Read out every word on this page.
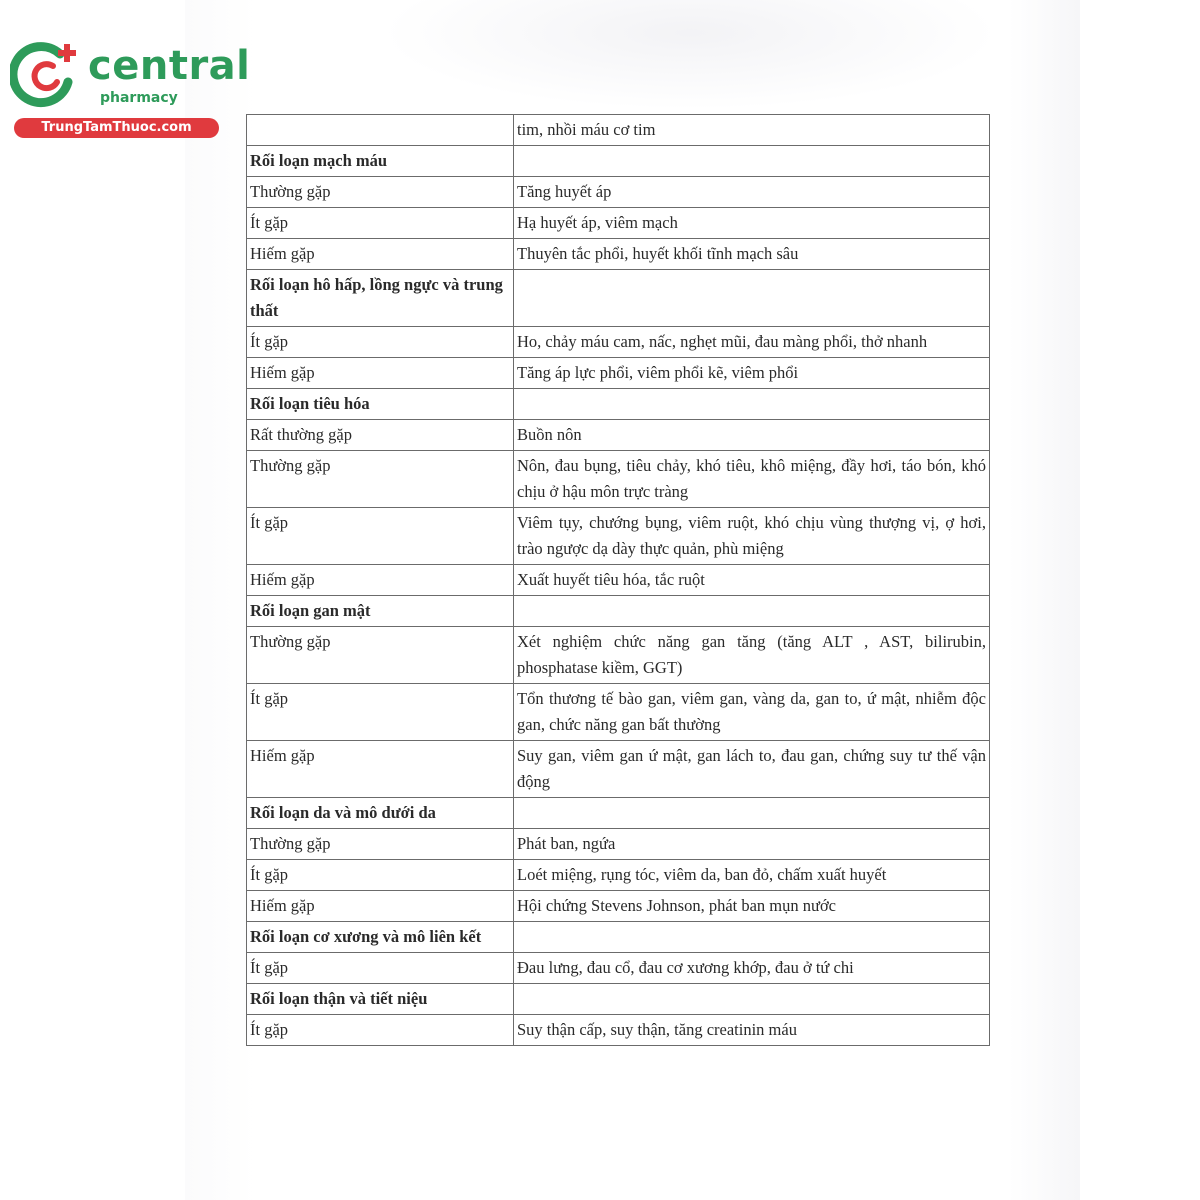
central
pharmacy
TrungTamThuoc.com
		tim, nhồi máu cơ tim
Rối loạn mạch máu	
Thường gặp	Tăng huyết áp
Ít gặp	Hạ huyết áp, viêm mạch
Hiếm gặp	Thuyên tắc phổi, huyết khối tĩnh mạch sâu
Rối loạn hô hấp, lồng ngực và trung thất	
Ít gặp	Ho, chảy máu cam, nấc, nghẹt mũi, đau màng phổi, thở nhanh
Hiếm gặp	Tăng áp lực phổi, viêm phổi kẽ, viêm phổi
Rối loạn tiêu hóa	
Rất thường gặp	Buồn nôn
Thường gặp	Nôn, đau bụng, tiêu chảy, khó tiêu, khô miệng, đầy hơi, táo bón, khó chịu ở hậu môn trực tràng
Ít gặp	Viêm tụy, chướng bụng, viêm ruột, khó chịu vùng thượng vị, ợ hơi, trào ngược dạ dày thực quản, phù miệng
Hiếm gặp	Xuất huyết tiêu hóa, tắc ruột
Rối loạn gan mật	
Thường gặp	Xét nghiệm chức năng gan tăng (tăng ALT , AST, bilirubin, phosphatase kiềm, GGT)
Ít gặp	Tổn thương tế bào gan, viêm gan, vàng da, gan to, ứ mật, nhiễm độc gan, chức năng gan bất thường
Hiếm gặp	Suy gan, viêm gan ứ mật, gan lách to, đau gan, chứng suy tư thế vận động
Rối loạn da và mô dưới da	
Thường gặp	Phát ban, ngứa
Ít gặp	Loét miệng, rụng tóc, viêm da, ban đỏ, chấm xuất huyết
Hiếm gặp	Hội chứng Stevens Johnson, phát ban mụn nước
Rối loạn cơ xương và mô liên kết	
Ít gặp	Đau lưng, đau cổ, đau cơ xương khớp, đau ở tứ chi
Rối loạn thận và tiết niệu	
Ít gặp	Suy thận cấp, suy thận, tăng creatinin máu
